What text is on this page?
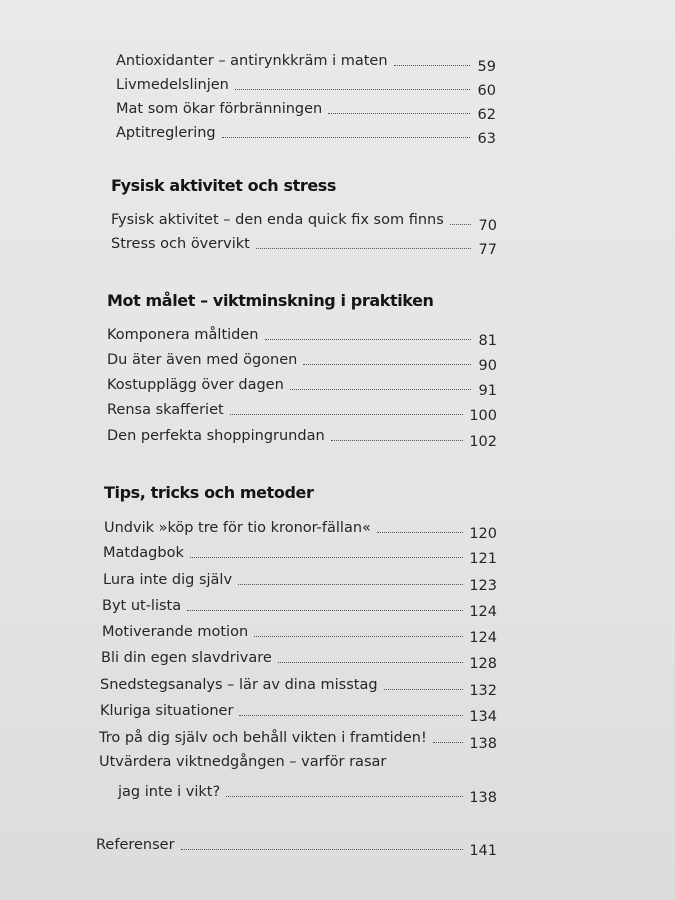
Antioxidanter – antirynkkräm i maten	59
Livmedelslinjen	60
Mat som ökar förbränningen	62
Aptitreglering	63
Fysisk aktivitet och stress
Fysisk aktivitet – den enda quick fix som finns 70
Stress och övervikt	77
Mot målet – viktminskning i praktiken
Komponera måltiden	81
Du äter även med ögonen	90
Kostupplägg över dagen	91
Rensa skafferiet	100
Den perfekta shoppingrundan	102
Tips, tricks och metoder
Undvik »köp tre för tio kronor-fällan«	120
Matdagbok	121
Lura inte dig själv	123
Byt ut-lista	124
Motiverande motion	124
Bli din egen slavdrivare	128
Snedstegsanalys – lär av dina misstag	132
Kluriga situationer	134
Tro på dig själv och behåll vikten i framtiden!	138
Utvärdera viktnedgången – varför rasar
jag inte i vikt?	138
Referenser	141
